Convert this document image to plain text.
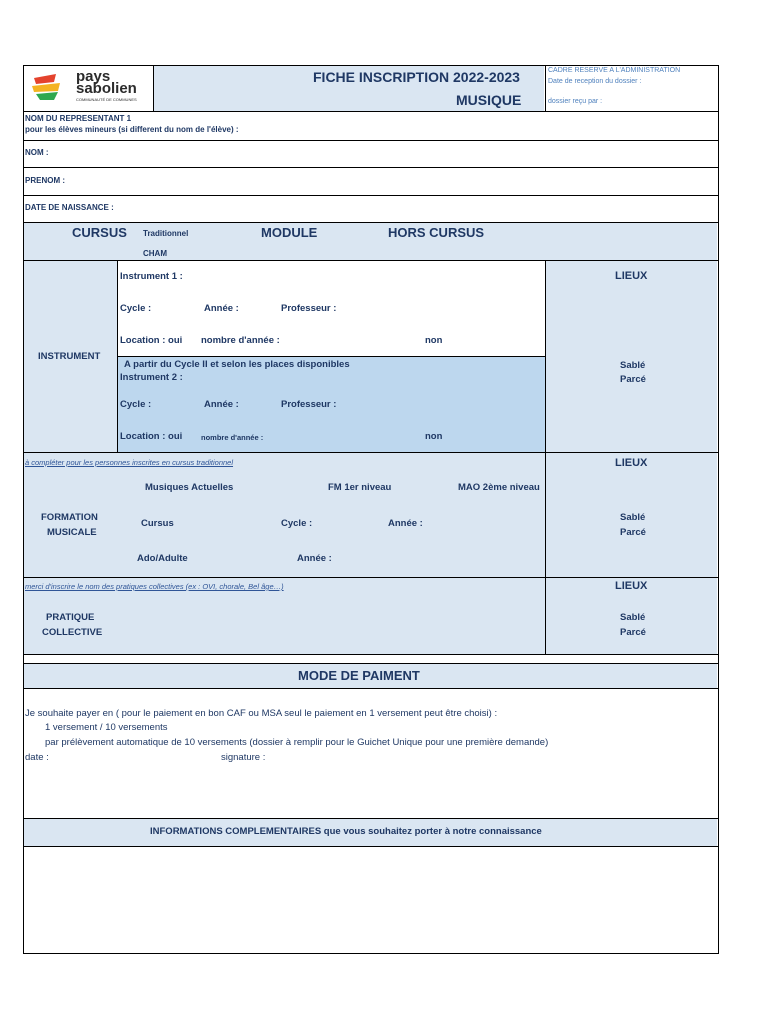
pays
sabolien
COMMUNAUTÉ DE COMMUNES
FICHE INSCRIPTION 2022-2023
MUSIQUE
CADRE RESERVE A L'ADMINISTRATION
Date de reception du dossier :
dossier reçu par :
NOM DU REPRESENTANT 1
pour les élèves mineurs (si different du nom de l'élève) :
NOM :
PRENOM :
DATE DE NAISSANCE :
CURSUS Traditionnel
CHAM
MODULE	HORS CURSUS
INSTRUMENT
Instrument 1 :
Cycle :	Année :	Professeur :
Location : oui nombre d'année :	non
A partir du Cycle II et selon les places disponibles
Instrument 2 :
Cycle :	Année :	Professeur :
Location : oui nombre d'année :	non
LIEUX
Sablé
Parcé
à compléter pour les personnes inscrites en cursus traditionnel
FORMATION
MUSICALE
Musiques Actuelles	FM 1er niveau	MAO 2ème niveau
Cursus	Cycle :	Année :
Ado/Adulte	Année :
LIEUX
Sablé
Parcé
merci d'inscrire le nom des pratiques collectives (ex : OVI, chorale, Bel âge…)
PRATIQUE
COLLECTIVE
LIEUX
Sablé
Parcé
MODE DE PAIMENT
Je souhaite payer en ( pour le paiement en bon CAF ou MSA seul le paiement en 1 versement peut être choisi) :
1 versement / 10 versements
par prélèvement automatique de 10 versements (dossier à remplir pour le Guichet Unique pour une première demande)
date :	signature :
INFORMATIONS COMPLEMENTAIRES que vous souhaitez porter à notre connaissance
